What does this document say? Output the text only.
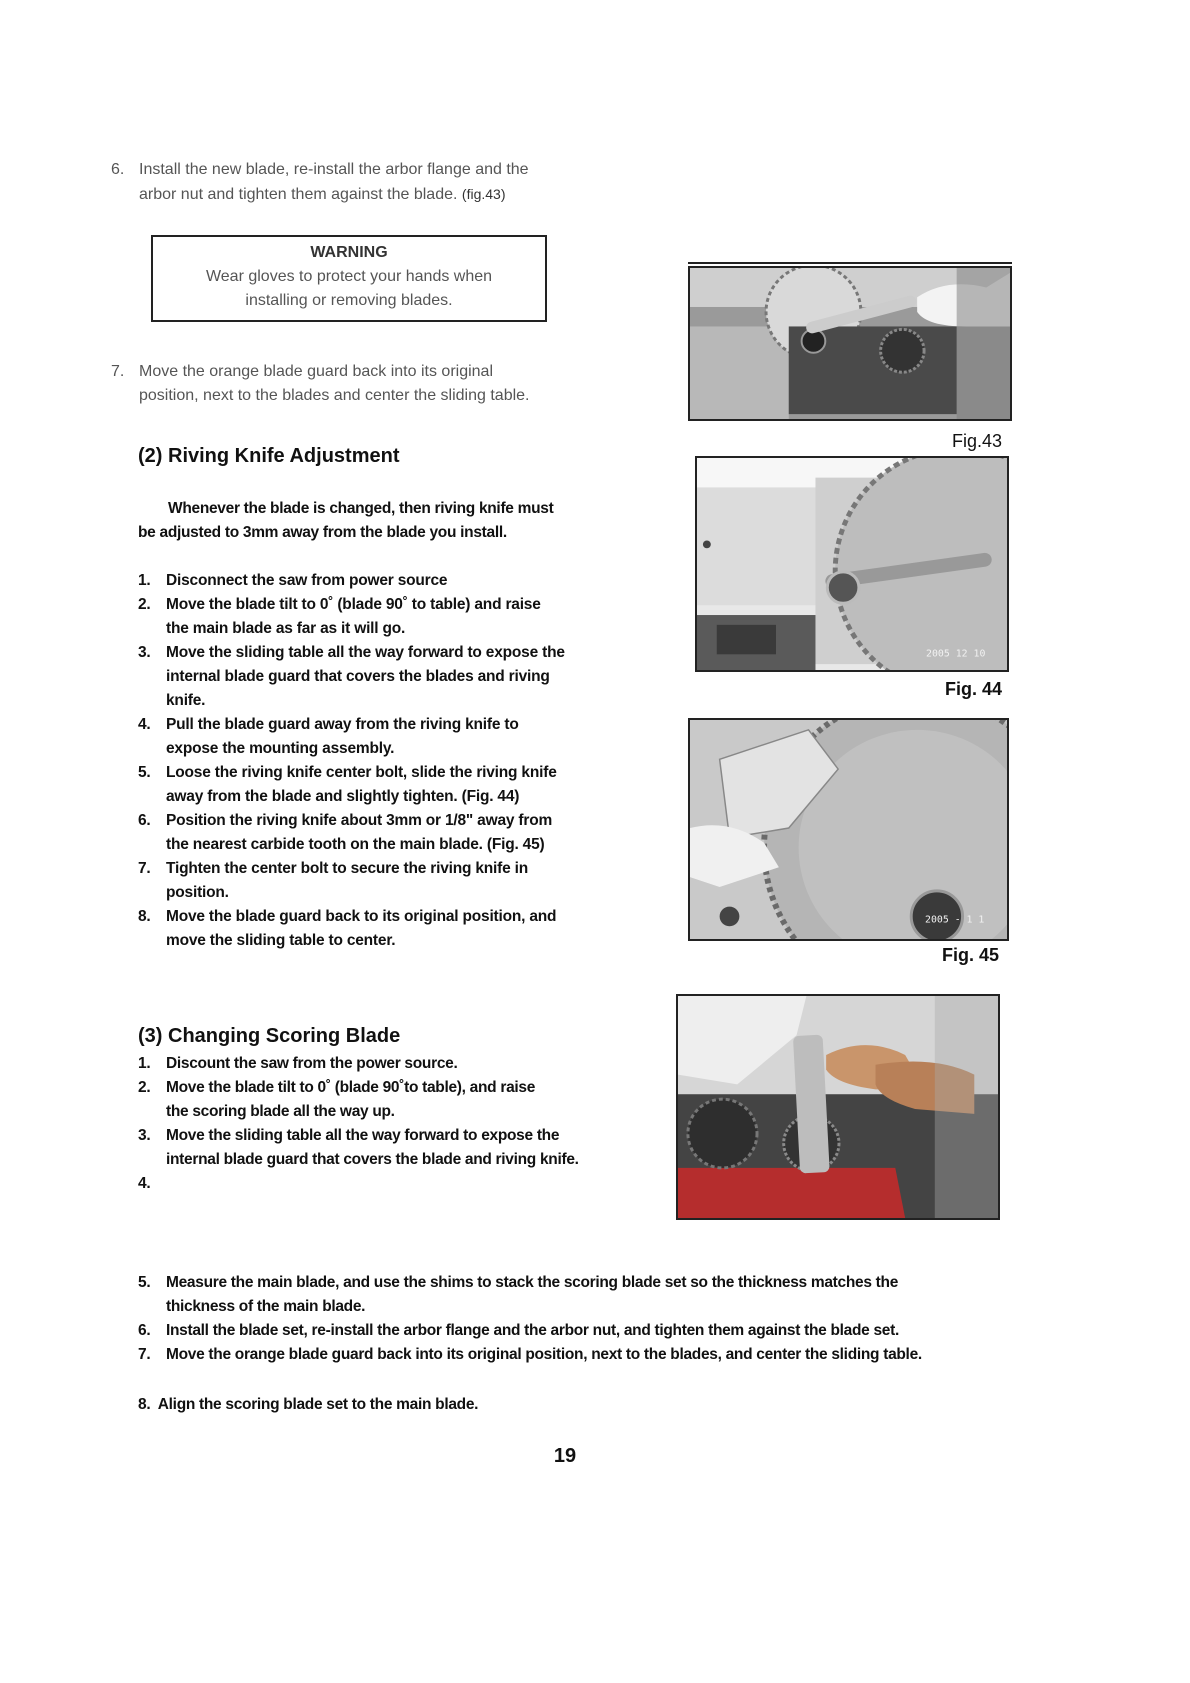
6. Install the new blade, re-install the arbor flange and the
arbor nut and tighten them against the blade. (fig.43)
WARNING
Wear gloves to protect your hands when
installing or removing blades.
7. Move the orange blade guard back into its original
position, next to the blades and center the sliding table.
(2) Riving Knife Adjustment
Whenever the blade is changed, then riving knife must
be adjusted to 3mm away from the blade you install.
1. Disconnect the saw from power source
2. Move the blade tilt to 0˚ (blade 90˚ to table) and raise
the main blade as far as it will go.
3. Move the sliding table all the way forward to expose the
internal blade guard that covers the blades and riving
knife.
4. Pull the blade guard away from the riving knife to
expose the mounting assembly.
5. Loose the riving knife center bolt, slide the riving knife
away from the blade and slightly tighten. (Fig. 44)
6. Position the riving knife about 3mm or 1/8" away from
the nearest carbide tooth on the main blade. (Fig. 45)
7. Tighten the center bolt to secure the riving knife in
position.
8. Move the blade guard back to its original position, and
move the sliding table to center.
(3) Changing Scoring Blade
1. Discount the saw from the power source.
2. Move the blade tilt to 0˚ (blade 90˚to table), and raise
the scoring blade all the way up.
3. Move the sliding table all the way forward to expose the
internal blade guard that covers the blade and riving knife.
4.

5. Measure the main blade, and use the shims to stack the scoring blade set so the thickness matches the
thickness of the main blade.
6. Install the blade set, re-install the arbor flange and the arbor nut, and tighten them against the blade set.
7. Move the orange blade guard back into its original position, next to the blades, and center the sliding table.
8. Align the scoring blade set to the main blade.
Fig.43
2005 12 10
Fig. 44
2005 - 1 1
Fig. 45
19
